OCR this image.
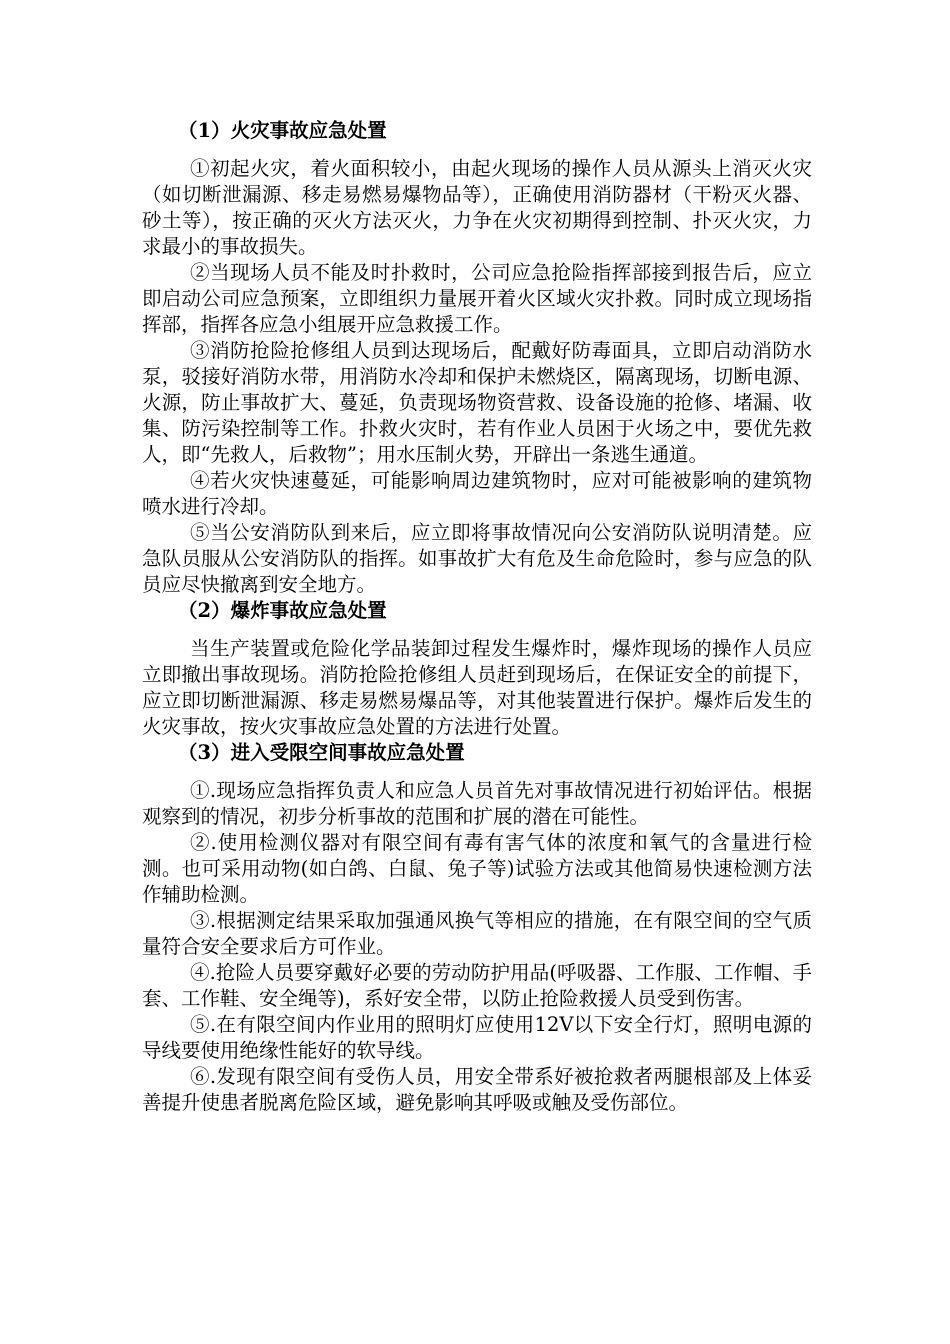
（1）火灾事故应急处置

①初起火灾，着火面积较小，由起火现场的操作人员从源头上消灭火灾（如切断泄漏源、移走易燃易爆物品等），正确使用消防器材（干粉灭火器、砂土等），按正确的灭火方法灭火，力争在火灾初期得到控制、扑灭火灾，力求最小的事故损失。

②当现场人员不能及时扑救时，公司应急抢险指挥部接到报告后，应立即启动公司应急预案，立即组织力量展开着火区域火灾扑救。同时成立现场指挥部，指挥各应急小组展开应急救援工作。

③消防抢险抢修组人员到达现场后，配戴好防毒面具，立即启动消防水泵，驳接好消防水带，用消防水冷却和保护未燃烧区，隔离现场，切断电源、火源，防止事故扩大、蔓延，负责现场物资营救、设备设施的抢修、堵漏、收集、防污染控制等工作。扑救火灾时，若有作业人员困于火场之中，要优先救人，即“先救人，后救物”；用水压制火势，开辟出一条逃生通道。

④若火灾快速蔓延，可能影响周边建筑物时，应对可能被影响的建筑物喷水进行冷却。

⑤当公安消防队到来后，应立即将事故情况向公安消防队说明清楚。应急队员服从公安消防队的指挥。如事故扩大有危及生命危险时，参与应急的队员应尽快撤离到安全地方。

（2）爆炸事故应急处置

当生产装置或危险化学品装卸过程发生爆炸时，爆炸现场的操作人员应立即撤出事故现场。消防抢险抢修组人员赶到现场后，在保证安全的前提下，应立即切断泄漏源、移走易燃易爆品等，对其他装置进行保护。爆炸后发生的火灾事故，按火灾事故应急处置的方法进行处置。

（3）进入受限空间事故应急处置

①.现场应急指挥负责人和应急人员首先对事故情况进行初始评估。根据观察到的情况，初步分析事故的范围和扩展的潜在可能性。

②.使用检测仪器对有限空间有毒有害气体的浓度和氧气的含量进行检测。也可采用动物(如白鸽、白鼠、兔子等)试验方法或其他简易快速检测方法作辅助检测。

③.根据测定结果采取加强通风换气等相应的措施，在有限空间的空气质量符合安全要求后方可作业。

④.抢险人员要穿戴好必要的劳动防护用品(呼吸器、工作服、工作帽、手套、工作鞋、安全绳等)，系好安全带，以防止抢险救援人员受到伤害。

⑤.在有限空间内作业用的照明灯应使用12V以下安全行灯，照明电源的导线要使用绝缘性能好的软导线。

⑥.发现有限空间有受伤人员，用安全带系好被抢救者两腿根部及上体妥善提升使患者脱离危险区域，避免影响其呼吸或触及受伤部位。
